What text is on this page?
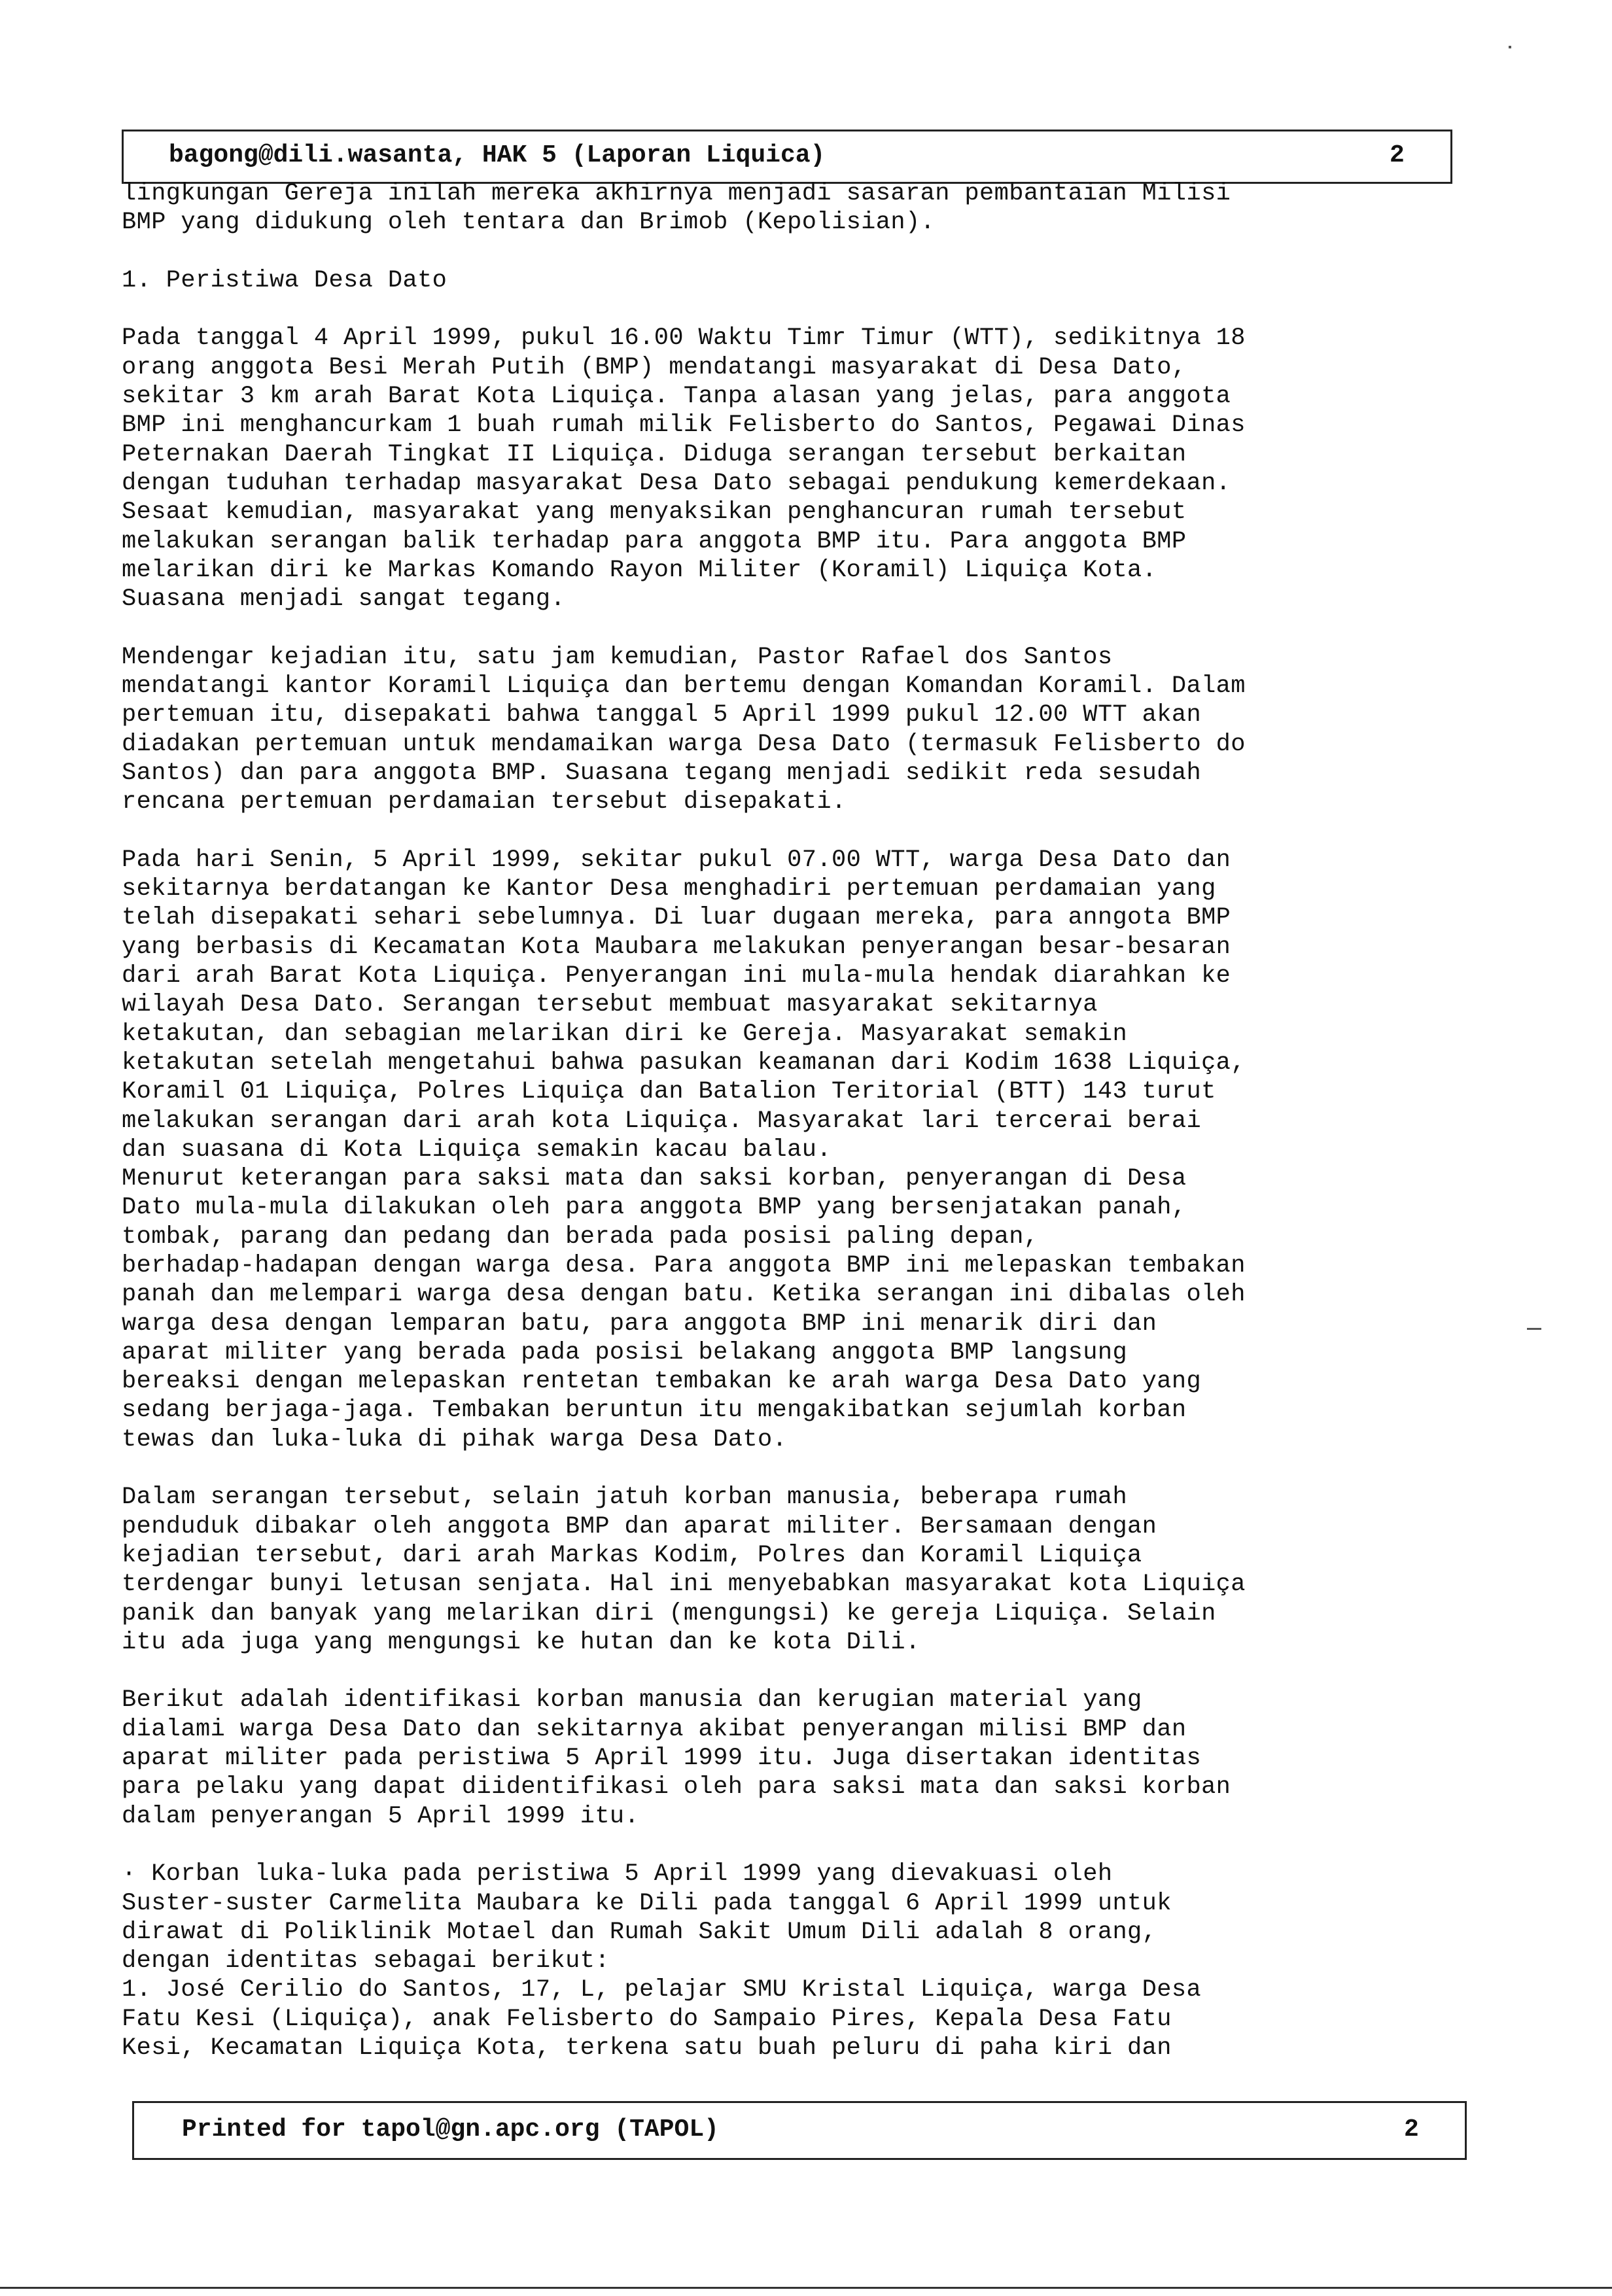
bagong@dili.wasanta, HAK 5 (Laporan Liquica)	2
lingkungan Gereja inilah mereka akhirnya menjadi sasaran pembantaian Milisi
BMP yang didukung oleh tentara dan Brimob (Kepolisian).
1. Peristiwa Desa Dato
Pada tanggal 4 April 1999, pukul 16.00 Waktu Timr Timur (WTT), sedikitnya 18
orang anggota Besi Merah Putih (BMP) mendatangi masyarakat di Desa Dato,
sekitar 3 km arah Barat Kota Liquiça. Tanpa alasan yang jelas, para anggota
BMP ini menghancurkam 1 buah rumah milik Felisberto do Santos, Pegawai Dinas
Peternakan Daerah Tingkat II Liquiça. Diduga serangan tersebut berkaitan
dengan tuduhan terhadap masyarakat Desa Dato sebagai pendukung kemerdekaan.
Sesaat kemudian, masyarakat yang menyaksikan penghancuran rumah tersebut
melakukan serangan balik terhadap para anggota BMP itu. Para anggota BMP
melarikan diri ke Markas Komando Rayon Militer (Koramil) Liquiça Kota.
Suasana menjadi sangat tegang.
Mendengar kejadian itu, satu jam kemudian, Pastor Rafael dos Santos
mendatangi kantor Koramil Liquiça dan bertemu dengan Komandan Koramil. Dalam
pertemuan itu, disepakati bahwa tanggal 5 April 1999 pukul 12.00 WTT akan
diadakan pertemuan untuk mendamaikan warga Desa Dato (termasuk Felisberto do
Santos) dan para anggota BMP. Suasana tegang menjadi sedikit reda sesudah
rencana pertemuan perdamaian tersebut disepakati.
Pada hari Senin, 5 April 1999, sekitar pukul 07.00 WTT, warga Desa Dato dan
sekitarnya berdatangan ke Kantor Desa menghadiri pertemuan perdamaian yang
telah disepakati sehari sebelumnya. Di luar dugaan mereka, para anngota BMP
yang berbasis di Kecamatan Kota Maubara melakukan penyerangan besar-besaran
dari arah Barat Kota Liquiça. Penyerangan ini mula-mula hendak diarahkan ke
wilayah Desa Dato. Serangan tersebut membuat masyarakat sekitarnya
ketakutan, dan sebagian melarikan diri ke Gereja. Masyarakat semakin
ketakutan setelah mengetahui bahwa pasukan keamanan dari Kodim 1638 Liquiça,
Koramil 01 Liquiça, Polres Liquiça dan Batalion Teritorial (BTT) 143 turut
melakukan serangan dari arah kota Liquiça. Masyarakat lari tercerai berai
dan suasana di Kota Liquiça semakin kacau balau.
Menurut keterangan para saksi mata dan saksi korban, penyerangan di Desa
Dato mula-mula dilakukan oleh para anggota BMP yang bersenjatakan panah,
tombak, parang dan pedang dan berada pada posisi paling depan,
berhadap-hadapan dengan warga desa. Para anggota BMP ini melepaskan tembakan
panah dan melempari warga desa dengan batu. Ketika serangan ini dibalas oleh
warga desa dengan lemparan batu, para anggota BMP ini menarik diri dan
aparat militer yang berada pada posisi belakang anggota BMP langsung
bereaksi dengan melepaskan rentetan tembakan ke arah warga Desa Dato yang
sedang berjaga-jaga. Tembakan beruntun itu mengakibatkan sejumlah korban
tewas dan luka-luka di pihak warga Desa Dato.
Dalam serangan tersebut, selain jatuh korban manusia, beberapa rumah
penduduk dibakar oleh anggota BMP dan aparat militer. Bersamaan dengan
kejadian tersebut, dari arah Markas Kodim, Polres dan Koramil Liquiça
terdengar bunyi letusan senjata. Hal ini menyebabkan masyarakat kota Liquiça
panik dan banyak yang melarikan diri (mengungsi) ke gereja Liquiça. Selain
itu ada juga yang mengungsi ke hutan dan ke kota Dili.
Berikut adalah identifikasi korban manusia dan kerugian material yang
dialami warga Desa Dato dan sekitarnya akibat penyerangan milisi BMP dan
aparat militer pada peristiwa 5 April 1999 itu. Juga disertakan identitas
para pelaku yang dapat diidentifikasi oleh para saksi mata dan saksi korban
dalam penyerangan 5 April 1999 itu.
· Korban luka-luka pada peristiwa 5 April 1999 yang dievakuasi oleh
Suster-suster Carmelita Maubara ke Dili pada tanggal 6 April 1999 untuk
dirawat di Poliklinik Motael dan Rumah Sakit Umum Dili adalah 8 orang,
dengan identitas sebagai berikut:
1. José Cerilio do Santos, 17, L, pelajar SMU Kristal Liquiça, warga Desa
Fatu Kesi (Liquiça), anak Felisberto do Sampaio Pires, Kepala Desa Fatu
Kesi, Kecamatan Liquiça Kota, terkena satu buah peluru di paha kiri dan
Printed for tapol@gn.apc.org (TAPOL)	2
